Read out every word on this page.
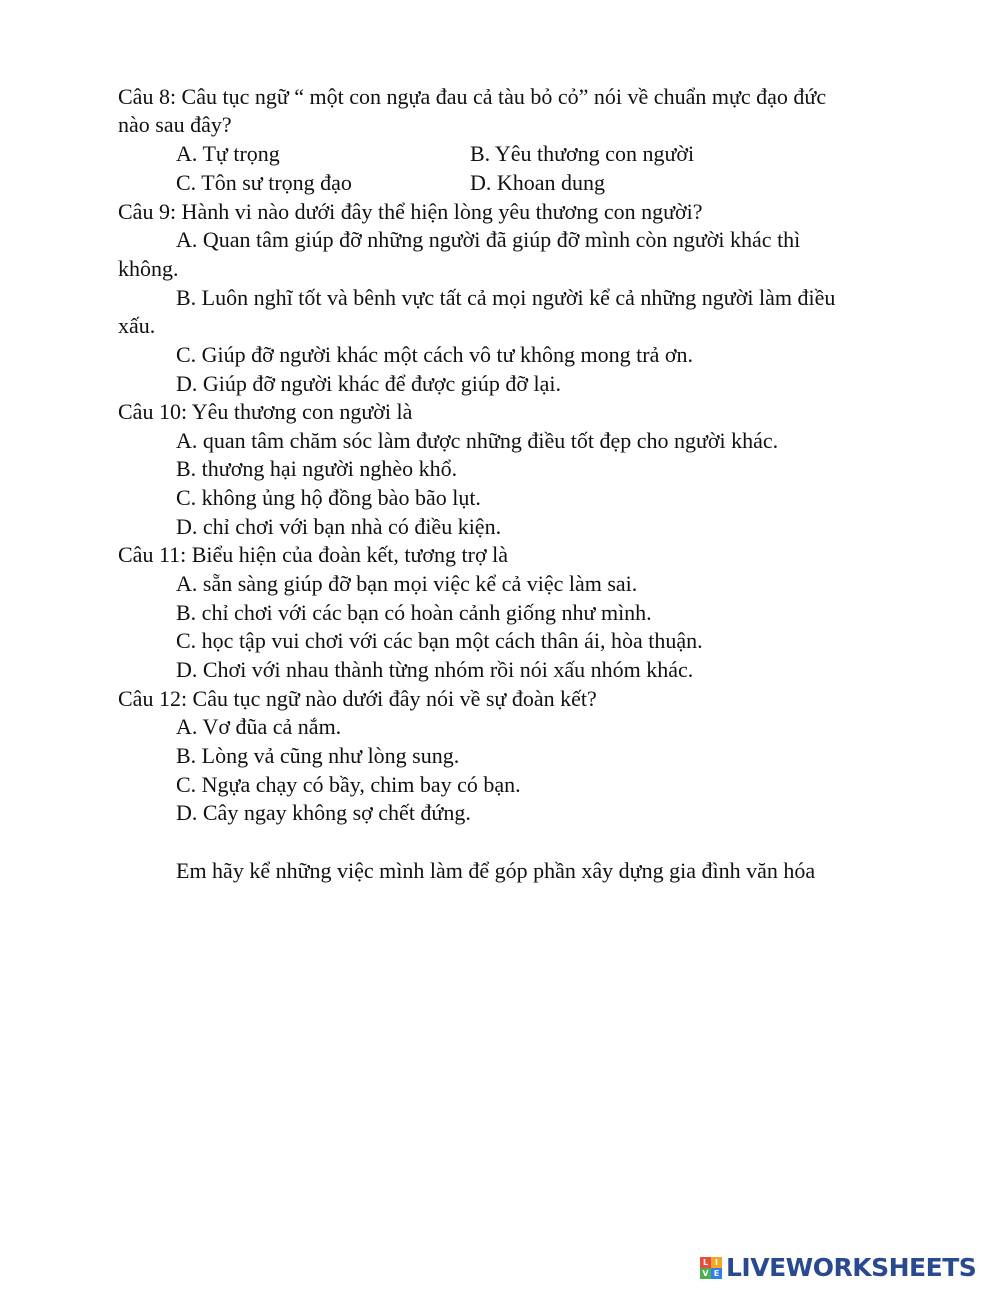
Câu 8: Câu tục ngữ “ một con ngựa đau cả tàu bỏ cỏ” nói về chuẩn mực đạo đức
nào sau đây?
A. Tự trọng	B. Yêu thương con người
C. Tôn sư trọng đạo	D. Khoan dung
Câu 9: Hành vi nào dưới đây thể hiện lòng yêu thương con người?
A. Quan tâm giúp đỡ những người đã giúp đỡ mình còn người khác thì
không.
B. Luôn nghĩ tốt và bênh vực tất cả mọi người kể cả những người làm điều
xấu.
C. Giúp đỡ người khác một cách vô tư không mong trả ơn.
D. Giúp đỡ người khác để được giúp đỡ lại.
Câu 10: Yêu thương con người là
A. quan tâm chăm sóc làm được những điều tốt đẹp cho người khác.
B. thương hại người nghèo khổ.
C. không ủng hộ đồng bào bão lụt.
D. chỉ chơi với bạn nhà có điều kiện.
Câu 11: Biểu hiện của đoàn kết, tương trợ là
A. sẵn sàng giúp đỡ bạn mọi việc kể cả việc làm sai.
B. chỉ chơi với các bạn có hoàn cảnh giống như mình.
C. học tập vui chơi với các bạn một cách thân ái, hòa thuận.
D. Chơi với nhau thành từng nhóm rồi nói xấu nhóm khác.
Câu 12: Câu tục ngữ nào dưới đây nói về sự đoàn kết?
A. Vơ đũa cả nắm.
B. Lòng vả cũng như lòng sung.
C. Ngựa chạy có bầy, chim bay có bạn.
D. Cây ngay không sợ chết đứng.
Em hãy kể những việc mình làm để góp phần xây dựng gia đình văn hóa
L I
V E LIVEWORKSHEETS
